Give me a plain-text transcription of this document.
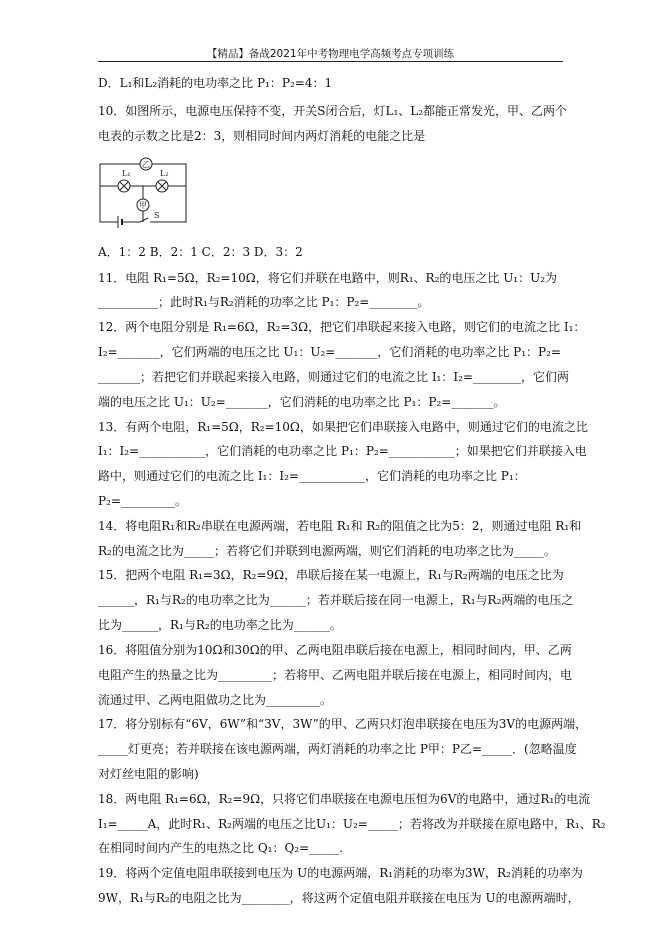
【精品】备战2021年中考物理电学高频考点专项训练
D．L₁和L₂消耗的电功率之比 P₁：P₂=4：1
10．如图所示，电源电压保持不变，开关S闭合后，灯L₁、L₂都能正常发光，甲、乙两个
电表的示数之比是2：3，则相同时间内两灯消耗的电能之比是
A．1：2 B．2：1 C．2：3 D．3：2
11．电阻 R₁=5Ω，R₂=10Ω，将它们并联在电路中，则R₁、R₂的电压之比 U₁：U₂为
__________；此时R₁与R₂消耗的功率之比 P₁：P₂=________。
12．两个电阻分别是 R₁=6Ω，R₂=3Ω，把它们串联起来接入电路，则它们的电流之比 I₁：
I₂=_______，它们两端的电压之比 U₁：U₂=_______，它们消耗的电功率之比 P₁：P₂=
_______；若把它们并联起来接入电路，则通过它们的电流之比 I₁：I₂=________，它们两
端的电压之比 U₁：U₂=_______，它们消耗的电功率之比 P₁：P₂=_______。
13．有两个电阻，R₁=5Ω，R₂=10Ω，如果把它们串联接入电路中，则通过它们的电流之比
I₁：I₂=___________，它们消耗的电功率之比 P₁：P₂=___________；如果把它们并联接入电
路中，则通过它们的电流之比 I₁：I₂=___________，它们消耗的电功率之比 P₁：
P₂=_________。
14．将电阻R₁和R₂串联在电源两端，若电阻 R₁和 R₂的阻值之比为5：2，则通过电阻 R₁和
R₂的电流之比为_____；若将它们并联到电源两端，则它们消耗的电功率之比为_____。
15．把两个电阻 R₁=3Ω，R₂=9Ω，串联后接在某一电源上，R₁与R₂两端的电压之比为
______，R₁与R₂的电功率之比为______；若并联后接在同一电源上，R₁与R₂两端的电压之
比为______，R₁与R₂的电功率之比为______。
16．将阻值分别为10Ω和30Ω的甲、乙两电阻串联后接在电源上，相同时间内，甲、乙两
电阻产生的热量之比为_________；若将甲、乙两电阻并联后接在电源上，相同时间内，电
流通过甲、乙两电阻做功之比为_________。
17．将分别标有“6V，6W”和“3V，3W”的甲、乙两只灯泡串联接在电压为3V的电源两端，
_____灯更亮；若并联接在该电源两端，两灯消耗的功率之比 P甲：P乙=_____．(忽略温度
对灯丝电阻的影响)
18．两电阻 R₁=6Ω，R₂=9Ω，只将它们串联接在电源电压恒为6V的电路中，通过R₁的电流
I₁=_____A，此时R₁、R₂两端的电压之比U₁：U₂=_____；若将改为并联接在原电路中，R₁、R₂
在相同时间内产生的电热之比 Q₁：Q₂=_____.
19．将两个定值电阻串联接到电压为 U的电源两端，R₁消耗的功率为3W，R₂消耗的功率为
9W，R₁与R₂的电阻之比为________，将这两个定值电阻并联接在电压为 U的电源两端时，
乙
L₁	L₂
甲
S
